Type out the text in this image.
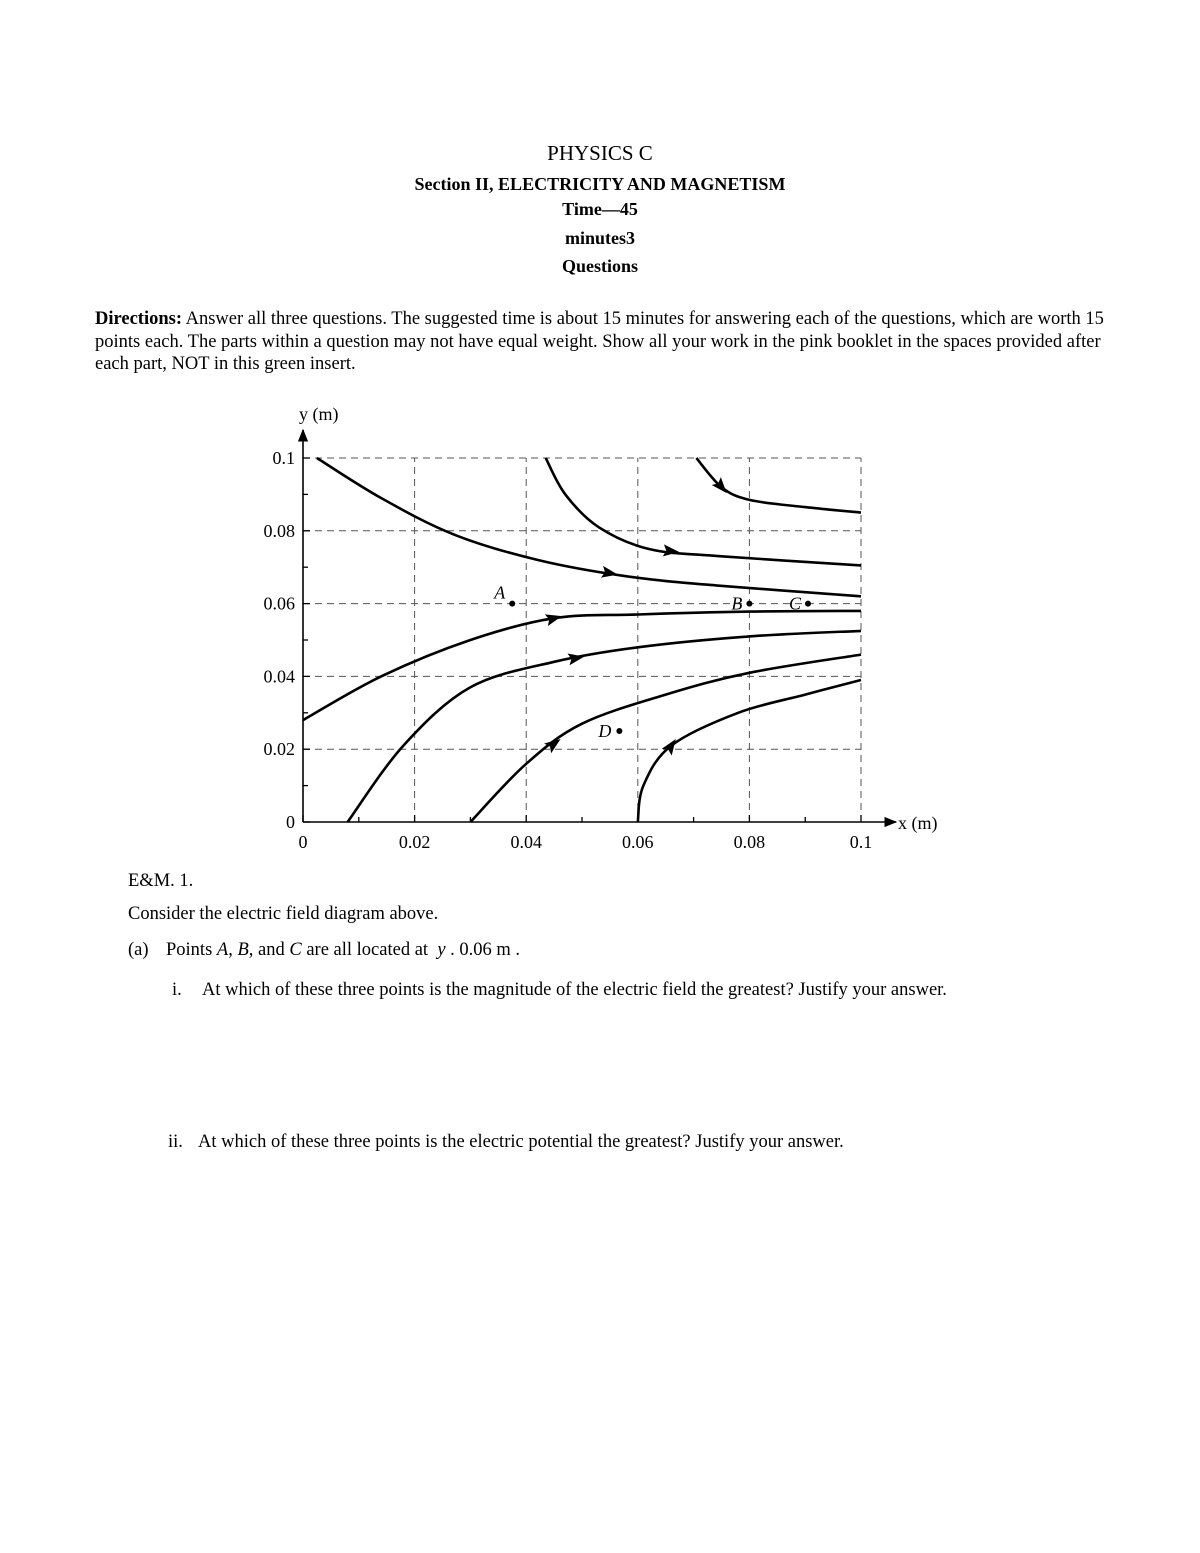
PHYSICS C
Section II, ELECTRICITY AND MAGNETISM
Time—45
minutes3
Questions
Directions: Answer all three questions. The suggested time is about 15 minutes for answering each of the questions, which are worth 15 points each. The parts within a question may not have equal weight. Show all your work in the pink booklet in the spaces provided after each part, NOT in this green insert.
0	0.02	0.04	0.06	0.08	0.1
0
0.02
0.04
0.06
0.08
0.1
y (m)
x (m)
A
B	C
D
E&M. 1.
Consider the electric field diagram above.
(a) Points A, B, and C are all located at y . 0.06 m .
i. At which of these three points is the magnitude of the electric field the greatest? Justify your answer.
ii. At which of these three points is the electric potential the greatest? Justify your answer.
